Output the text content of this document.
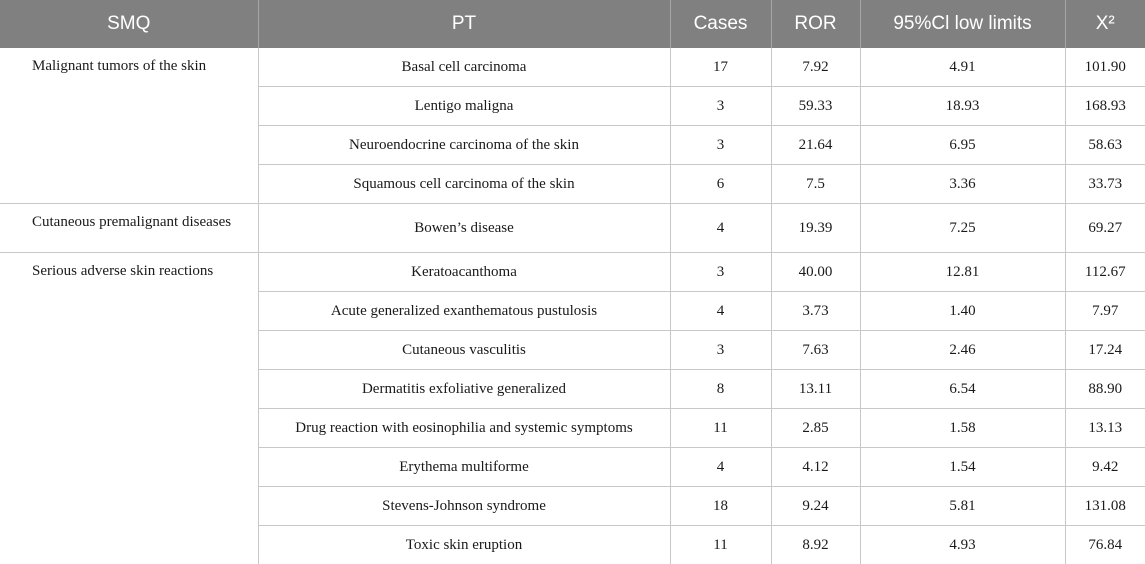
SMQ	PT	Cases	ROR	95%Cl low limits	X²
Malignant tumors of the skin	Basal cell carcinoma	17	7.92	4.91	101.90
	Lentigo maligna	3	59.33	18.93	168.93
	Neuroendocrine carcinoma of the skin	3	21.64	6.95	58.63
	Squamous cell carcinoma of the skin	6	7.5	3.36	33.73
Cutaneous premalignant diseases	Bowen’s disease	4	19.39	7.25	69.27
Serious adverse skin reactions	Keratoacanthoma	3	40.00	12.81	112.67
	Acute generalized exanthematous pustulosis	4	3.73	1.40	7.97
	Cutaneous vasculitis	3	7.63	2.46	17.24
	Dermatitis exfoliative generalized	8	13.11	6.54	88.90
	Drug reaction with eosinophilia and systemic symptoms	11	2.85	1.58	13.13
	Erythema multiforme	4	4.12	1.54	9.42
	Stevens-Johnson syndrome	18	9.24	5.81	131.08
	Toxic skin eruption	11	8.92	4.93	76.84
